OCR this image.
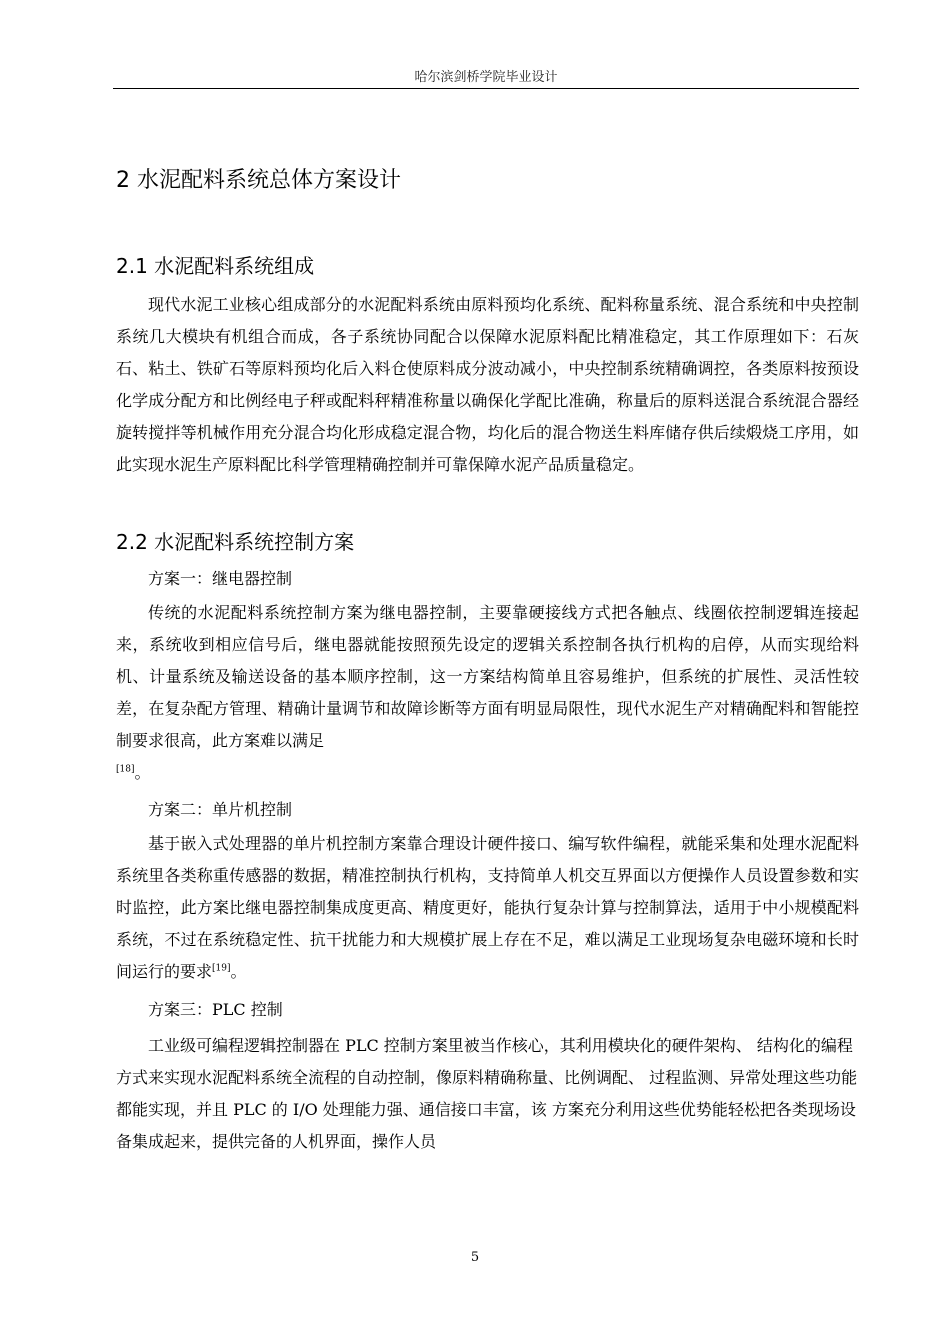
哈尔滨剑桥学院毕业设计
2 水泥配料系统总体方案设计
2.1 水泥配料系统组成

现代水泥工业核心组成部分的水泥配料系统由原料预均化系统、配料称量系统、混合系统和中央控制系统几大模块有机组合而成，各子系统协同配合以保障水泥原料配比精准稳定，其工作原理如下：石灰石、粘土、铁矿石等原料预均化后入料仓使原料成分波动减小，中央控制系统精确调控，各类原料按预设化学成分配方和比例经电子秤或配料秤精准称量以确保化学配比准确，称量后的原料送混合系统混合器经旋转搅拌等机械作用充分混合均化形成稳定混合物，均化后的混合物送生料库储存供后续煅烧工序用，如此实现水泥生产原料配比科学管理精确控制并可靠保障水泥产品质量稳定。

2.2 水泥配料系统控制方案

方案一：继电器控制

传统的水泥配料系统控制方案为继电器控制，主要靠硬接线方式把各触点、线圈依控制逻辑连接起来，系统收到相应信号后，继电器就能按照预先设定的逻辑关系控制各执行机构的启停，从而实现给料机、计量系统及输送设备的基本顺序控制，这一方案结构简单且容易维护，但系统的扩展性、灵活性较差，在复杂配方管理、精确计量调节和故障诊断等方面有明显局限性，现代水泥生产对精确配料和智能控制要求很高，此方案难以满足
[18]。

方案二：单片机控制

基于嵌入式处理器的单片机控制方案靠合理设计硬件接口、编写软件编程，就能采集和处理水泥配料系统里各类称重传感器的数据，精准控制执行机构，支持简单人机交互界面以方便操作人员设置参数和实时监控，此方案比继电器控制集成度更高、精度更好，能执行复杂计算与控制算法，适用于中小规模配料系统，不过在系统稳定性、抗干扰能力和大规模扩展上存在不足，难以满足工业现场复杂电磁环境和长时间运行的要求[19]。

方案三：PLC 控制

工业级可编程逻辑控制器在 PLC 控制方案里被当作核心，其利用模块化的硬件架构、 结构化的编程方式来实现水泥配料系统全流程的自动控制，像原料精确称量、比例调配、 过程监测、异常处理这些功能都能实现，并且 PLC 的 I/O 处理能力强、通信接口丰富，该 方案充分利用这些优势能轻松把各类现场设备集成起来，提供完备的人机界面，操作人员

5
